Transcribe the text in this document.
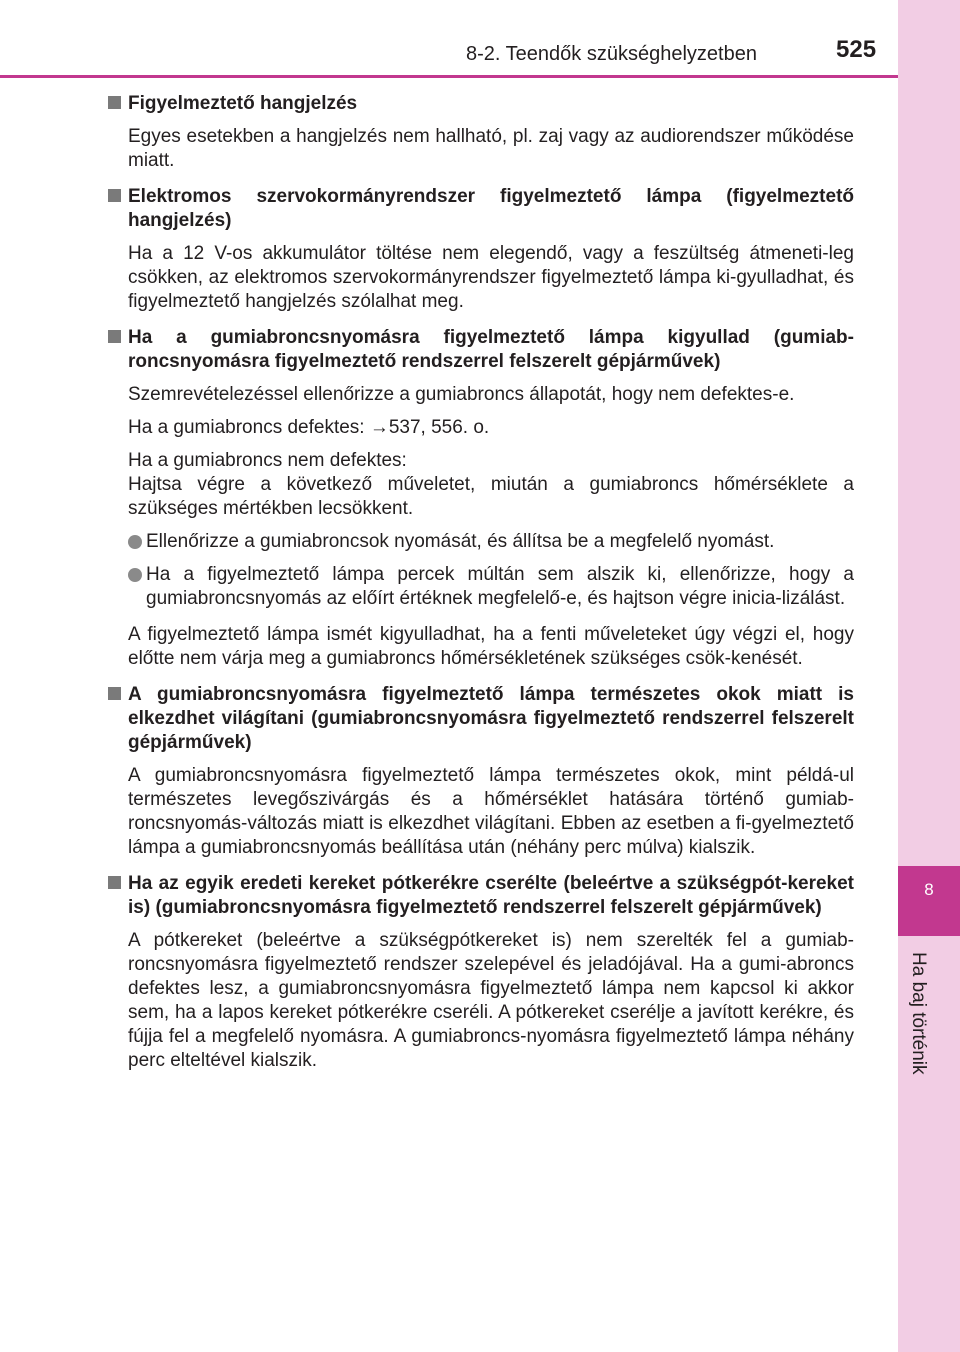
8
Ha baj történik
8-2. Teendők szükséghelyzetben	525
Figyelmeztető hangjelzés
Egyes esetekben a hangjelzés nem hallható, pl. zaj vagy az audiorendszer működése miatt.
Elektromos szervokormányrendszer figyelmeztető lámpa (figyelmeztető hangjelzés)
Ha a 12 V-os akkumulátor töltése nem elegendő, vagy a feszültség átmeneti-leg csökken, az elektromos szervokormányrendszer figyelmeztető lámpa ki-gyulladhat, és figyelmeztető hangjelzés szólalhat meg.
Ha a gumiabroncsnyomásra figyelmeztető lámpa kigyullad (gumiab-roncsnyomásra figyelmeztető rendszerrel felszerelt gépjárművek)
Szemrevételezéssel ellenőrizze a gumiabroncs állapotát, hogy nem defektes-e.
Ha a gumiabroncs defektes: →537, 556. o.
Ha a gumiabroncs nem defektes:
Hajtsa végre a következő műveletet, miután a gumiabroncs hőmérséklete a szükséges mértékben lecsökkent.
Ellenőrizze a gumiabroncsok nyomását, és állítsa be a megfelelő nyomást.
Ha a figyelmeztető lámpa percek múltán sem alszik ki, ellenőrizze, hogy a gumiabroncsnyomás az előírt értéknek megfelelő-e, és hajtson végre inicia-lizálást.
A figyelmeztető lámpa ismét kigyulladhat, ha a fenti műveleteket úgy végzi el, hogy előtte nem várja meg a gumiabroncs hőmérsékletének szükséges csök-kenését.
A gumiabroncsnyomásra figyelmeztető lámpa természetes okok miatt is elkezdhet világítani (gumiabroncsnyomásra figyelmeztető rendszerrel felszerelt gépjárművek)
A gumiabroncsnyomásra figyelmeztető lámpa természetes okok, mint példá-ul természetes levegőszivárgás és a hőmérséklet hatására történő gumiab-roncsnyomás-változás miatt is elkezdhet világítani. Ebben az esetben a fi-gyelmeztető lámpa a gumiabroncsnyomás beállítása után (néhány perc múlva) kialszik.
Ha az egyik eredeti kereket pótkerékre cserélte (beleértve a szükségpót-kereket is) (gumiabroncsnyomásra figyelmeztető rendszerrel felszerelt gépjárművek)
A pótkereket (beleértve a szükségpótkereket is) nem szerelték fel a gumiab-roncsnyomásra figyelmeztető rendszer szelepével és jeladójával. Ha a gumi-abroncs defektes lesz, a gumiabroncsnyomásra figyelmeztető lámpa nem kapcsol ki akkor sem, ha a lapos kereket pótkerékre cseréli. A pótkereket cserélje a javított kerékre, és fújja fel a megfelelő nyomásra. A gumiabroncs-nyomásra figyelmeztető lámpa néhány perc elteltével kialszik.
